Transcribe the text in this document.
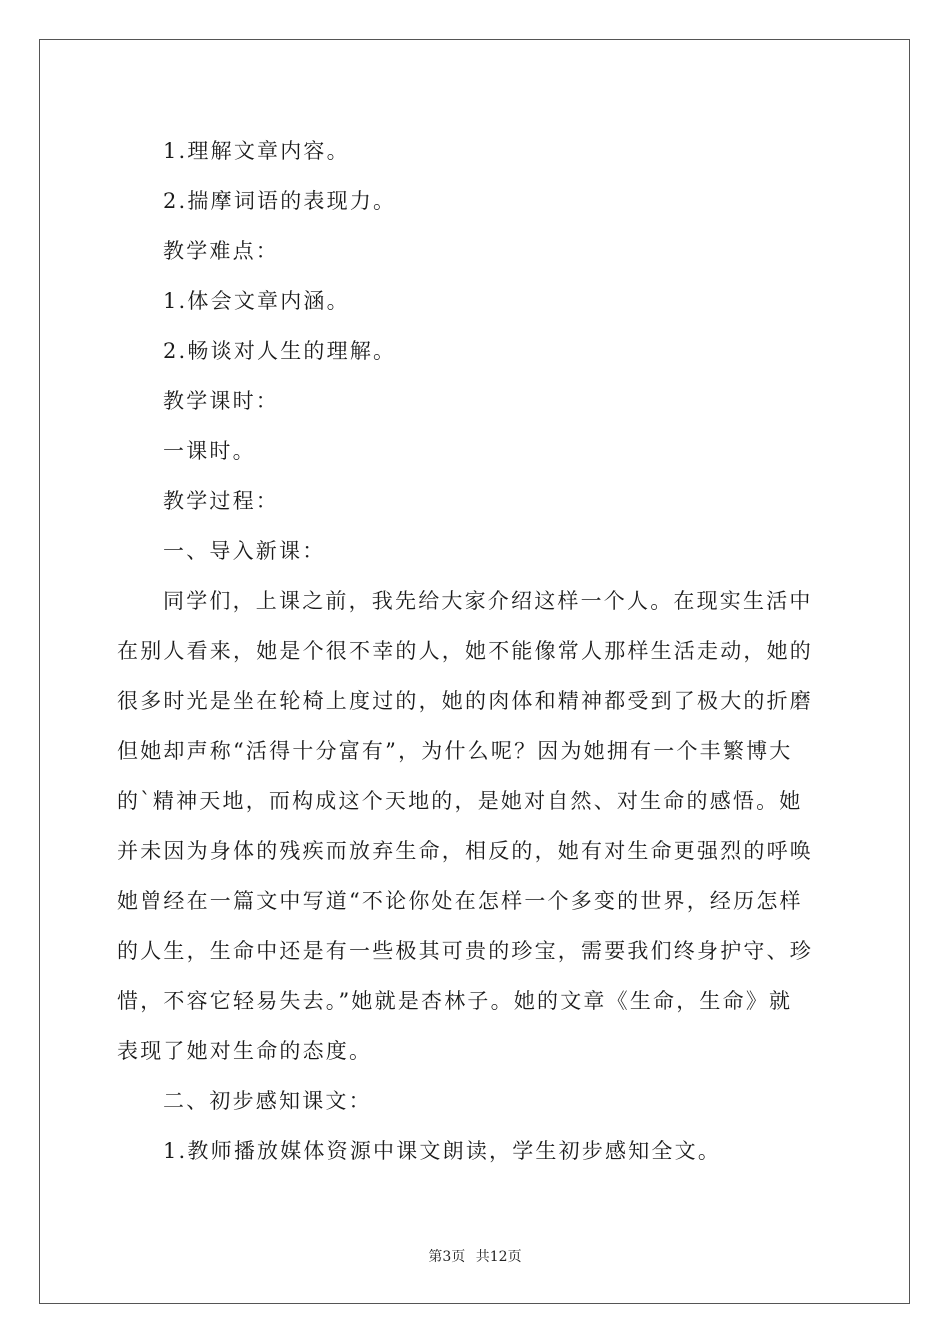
1.理解文章内容。
2.揣摩词语的表现力。
教学难点：
1.体会文章内涵。
2.畅谈对人生的理解。
教学课时：
一课时。
教学过程：
一、导入新课：
同学们，上课之前，我先给大家介绍这样一个人。在现实生活中
在别人看来，她是个很不幸的人，她不能像常人那样生活走动，她的
很多时光是坐在轮椅上度过的，她的肉体和精神都受到了极大的折磨
但她却声称“活得十分富有”，为什么呢？因为她拥有一个丰繁博大
的`精神天地，而构成这个天地的，是她对自然、对生命的感悟。她
并未因为身体的残疾而放弃生命，相反的，她有对生命更强烈的呼唤
她曾经在一篇文中写道“不论你处在怎样一个多变的世界，经历怎样
的人生，生命中还是有一些极其可贵的珍宝，需要我们终身护守、珍
惜，不容它轻易失去。”她就是杏林子。她的文章《生命，生命》就
表现了她对生命的态度。
二、初步感知课文：
1.教师播放媒体资源中课文朗读，学生初步感知全文。
第3页 共12页
